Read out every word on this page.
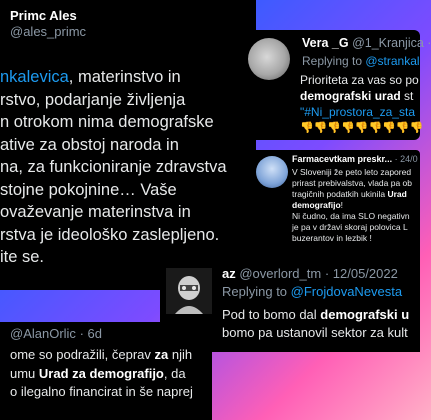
Primc Ales
@ales_primc
nkalevica, materinstvo in
rstvo, podarjanje življenja
n otrokom nima demografske
ative za obstoj naroda in
na, za funkcioniranje zdravstva
stojne pokojnine… Vaše
ovaževanje materinstva in
rstva je ideološko zaslepljeno.
ite se.
Vera _G @1_Kranjica ·
Replying to @strankal
Prioriteta za vas so po
demografski urad st
"#Ni_prostora_za_sta
👎👎👎👎👎👎👎👎👎
Farmacevtkam preskr... · 24/0
V Sloveniji že peto leto zapored
prirast prebivalstva, vlada pa ob
tragičnih podatkih ukinila Urad
demografijo!
Ni čudno, da ima SLO negativn
je pa v državi skoraj polovica L
buzerantov in lezbik !
az @overlord_tm · 12/05/2022
Replying to @FrojdovaNevesta
Pod to bomo dal demografski u
bomo pa ustanovil sektor za kult
@AlanOrlic · 6d
ome so podražili, čeprav za njih
umu Urad za demografijo, da
o ilegalno financirat in še naprej
